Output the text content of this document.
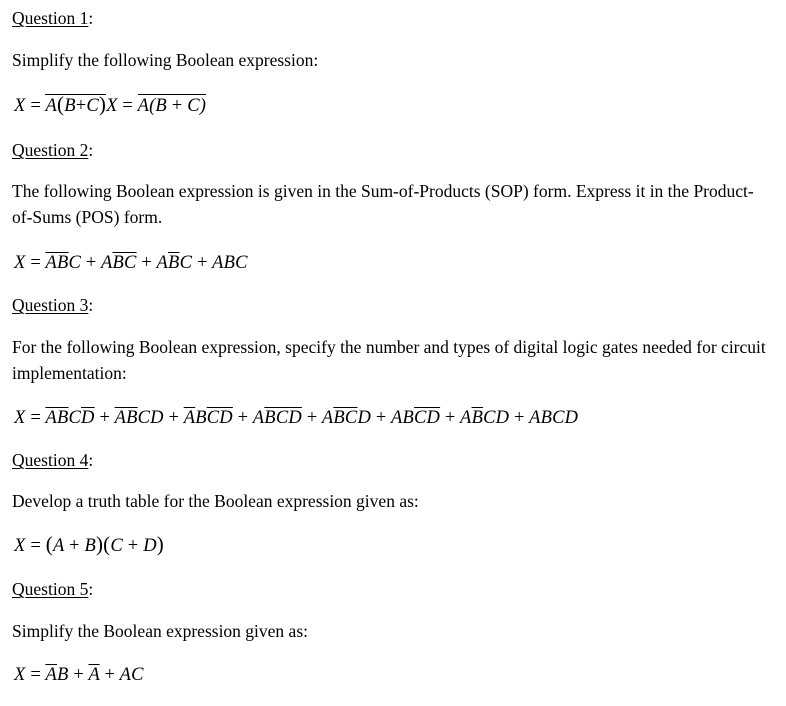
Question 1:
Simplify the following Boolean expression:
X = A(B+C)X = A(B + C)
Question 2:
The following Boolean expression is given in the Sum-of-Products (SOP) form. Express it in the Product-of-Sums (POS) form.
$X = \overline{A}\overline{B}C + A\overline{B}\overline{C} + A\overline{B}C$ + ABC
Question 3:
For the following Boolean expression, specify the number and types of digital logic gates needed for circuit implementation:
$X = \overline{A}\overline{B}C\overline{D} + \overline{A}\overline{B}CD + \overline{A}B\overline{C}\overline{D} + A\overline{B}\overline{C}\overline{D} + A\overline{B}\overline{C}D + AB\overline{C}\overline{D} + A\overline{B}CD$ + ABCD
Question 4:
Develop a truth table for the Boolean expression given as:
X = (A + B)(C + D)
Question 5:
Simplify the Boolean expression given as:
$X = \overline{A}B + \overline{A}$ + AC
